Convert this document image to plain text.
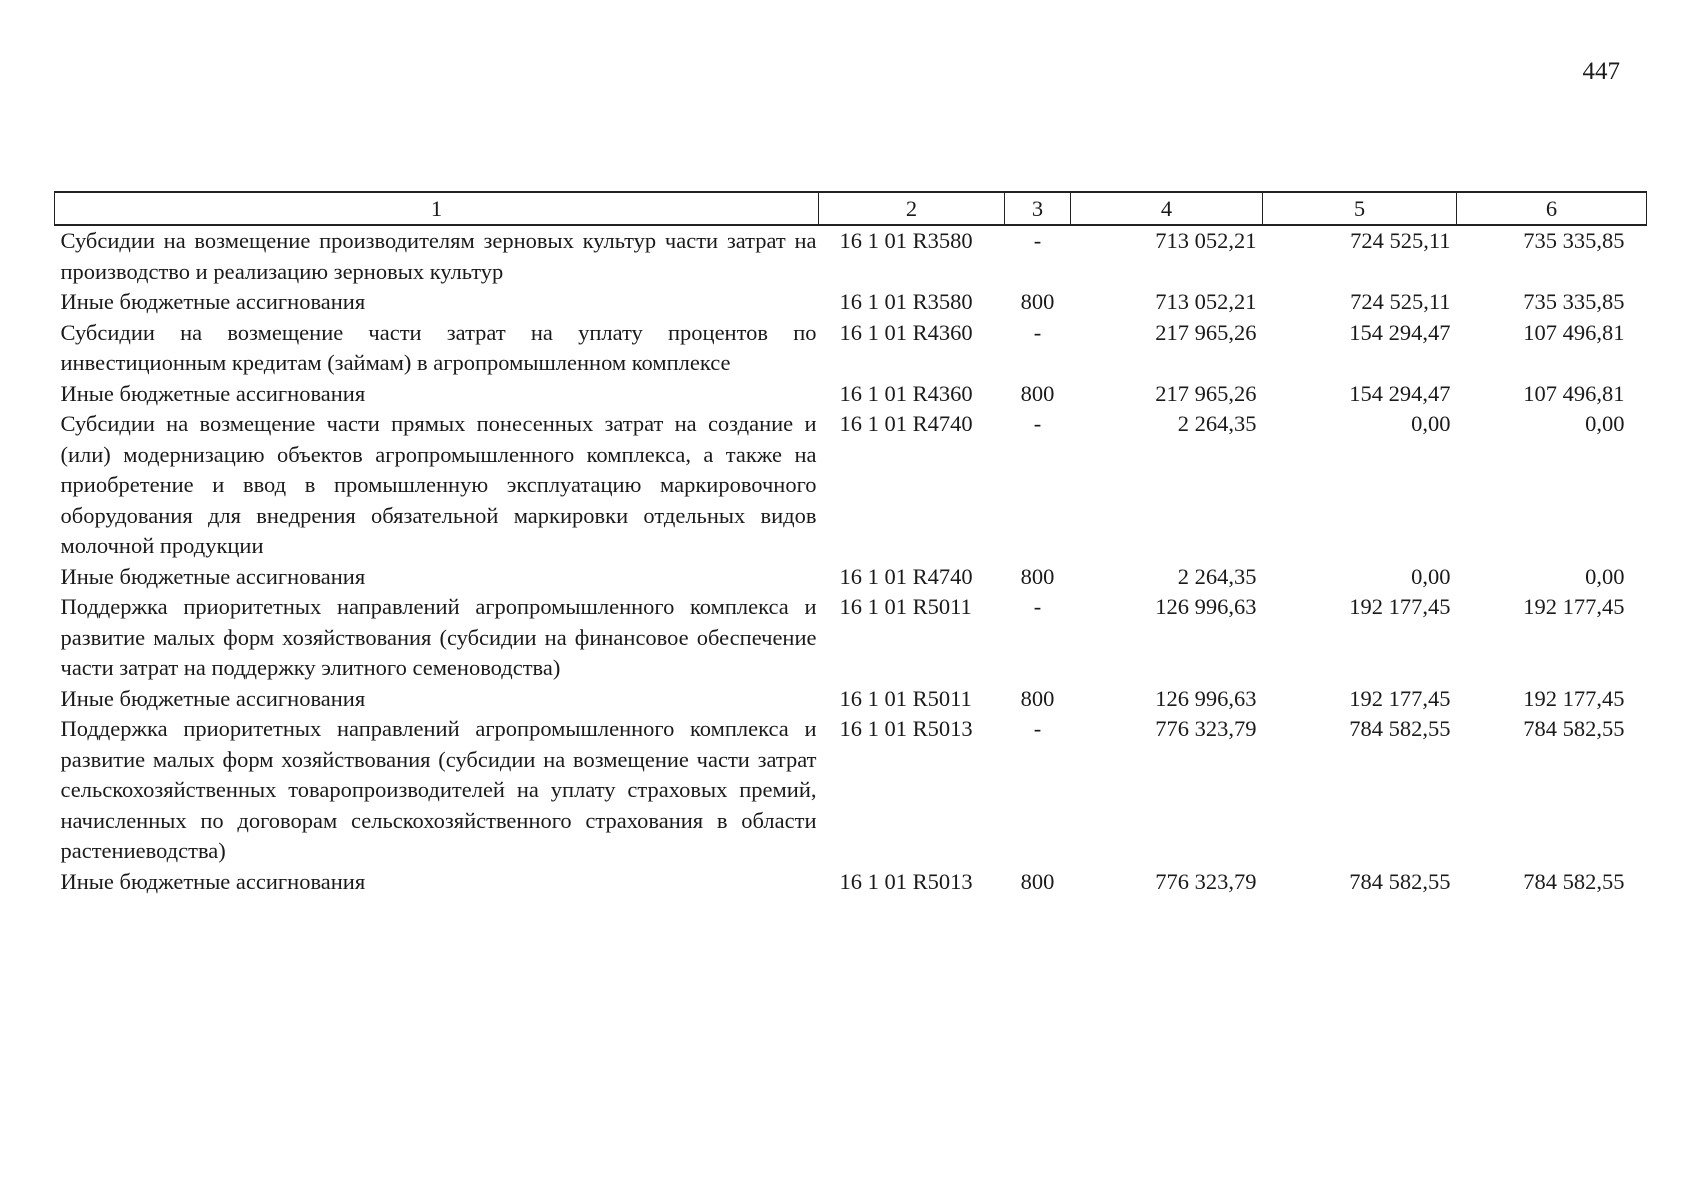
447
1	2	3	4	5	6
Субсидии на возмещение производителям зерновых культур части затрат на производство и реализацию зерновых культур	16 1 01 R3580	-	713 052,21	724 525,11	735 335,85
Иные бюджетные ассигнования	16 1 01 R3580	800	713 052,21	724 525,11	735 335,85
Субсидии на возмещение части затрат на уплату процентов по инвестиционным кредитам (займам) в агропромышленном комплексе	16 1 01 R4360	-	217 965,26	154 294,47	107 496,81
Иные бюджетные ассигнования	16 1 01 R4360	800	217 965,26	154 294,47	107 496,81
Субсидии на возмещение части прямых понесенных затрат на создание и (или) модернизацию объектов агропромышленного комплекса, а также на приобретение и ввод в промышленную эксплуатацию маркировочного оборудования для внедрения обязательной маркировки отдельных видов молочной продукции	16 1 01 R4740	-	2 264,35	0,00	0,00
Иные бюджетные ассигнования	16 1 01 R4740	800	2 264,35	0,00	0,00
Поддержка приоритетных направлений агропромышленного комплекса и развитие малых форм хозяйствования (субсидии на финансовое обеспечение части затрат на поддержку элитного семеноводства)	16 1 01 R5011	-	126 996,63	192 177,45	192 177,45
Иные бюджетные ассигнования	16 1 01 R5011	800	126 996,63	192 177,45	192 177,45
Поддержка приоритетных направлений агропромышленного комплекса и развитие малых форм хозяйствования (субсидии на возмещение части затрат сельскохозяйственных товаропроизводителей на уплату страховых премий, начисленных по договорам сельскохозяйственного страхования в области растениеводства)	16 1 01 R5013	-	776 323,79	784 582,55	784 582,55
Иные бюджетные ассигнования	16 1 01 R5013	800	776 323,79	784 582,55	784 582,55
